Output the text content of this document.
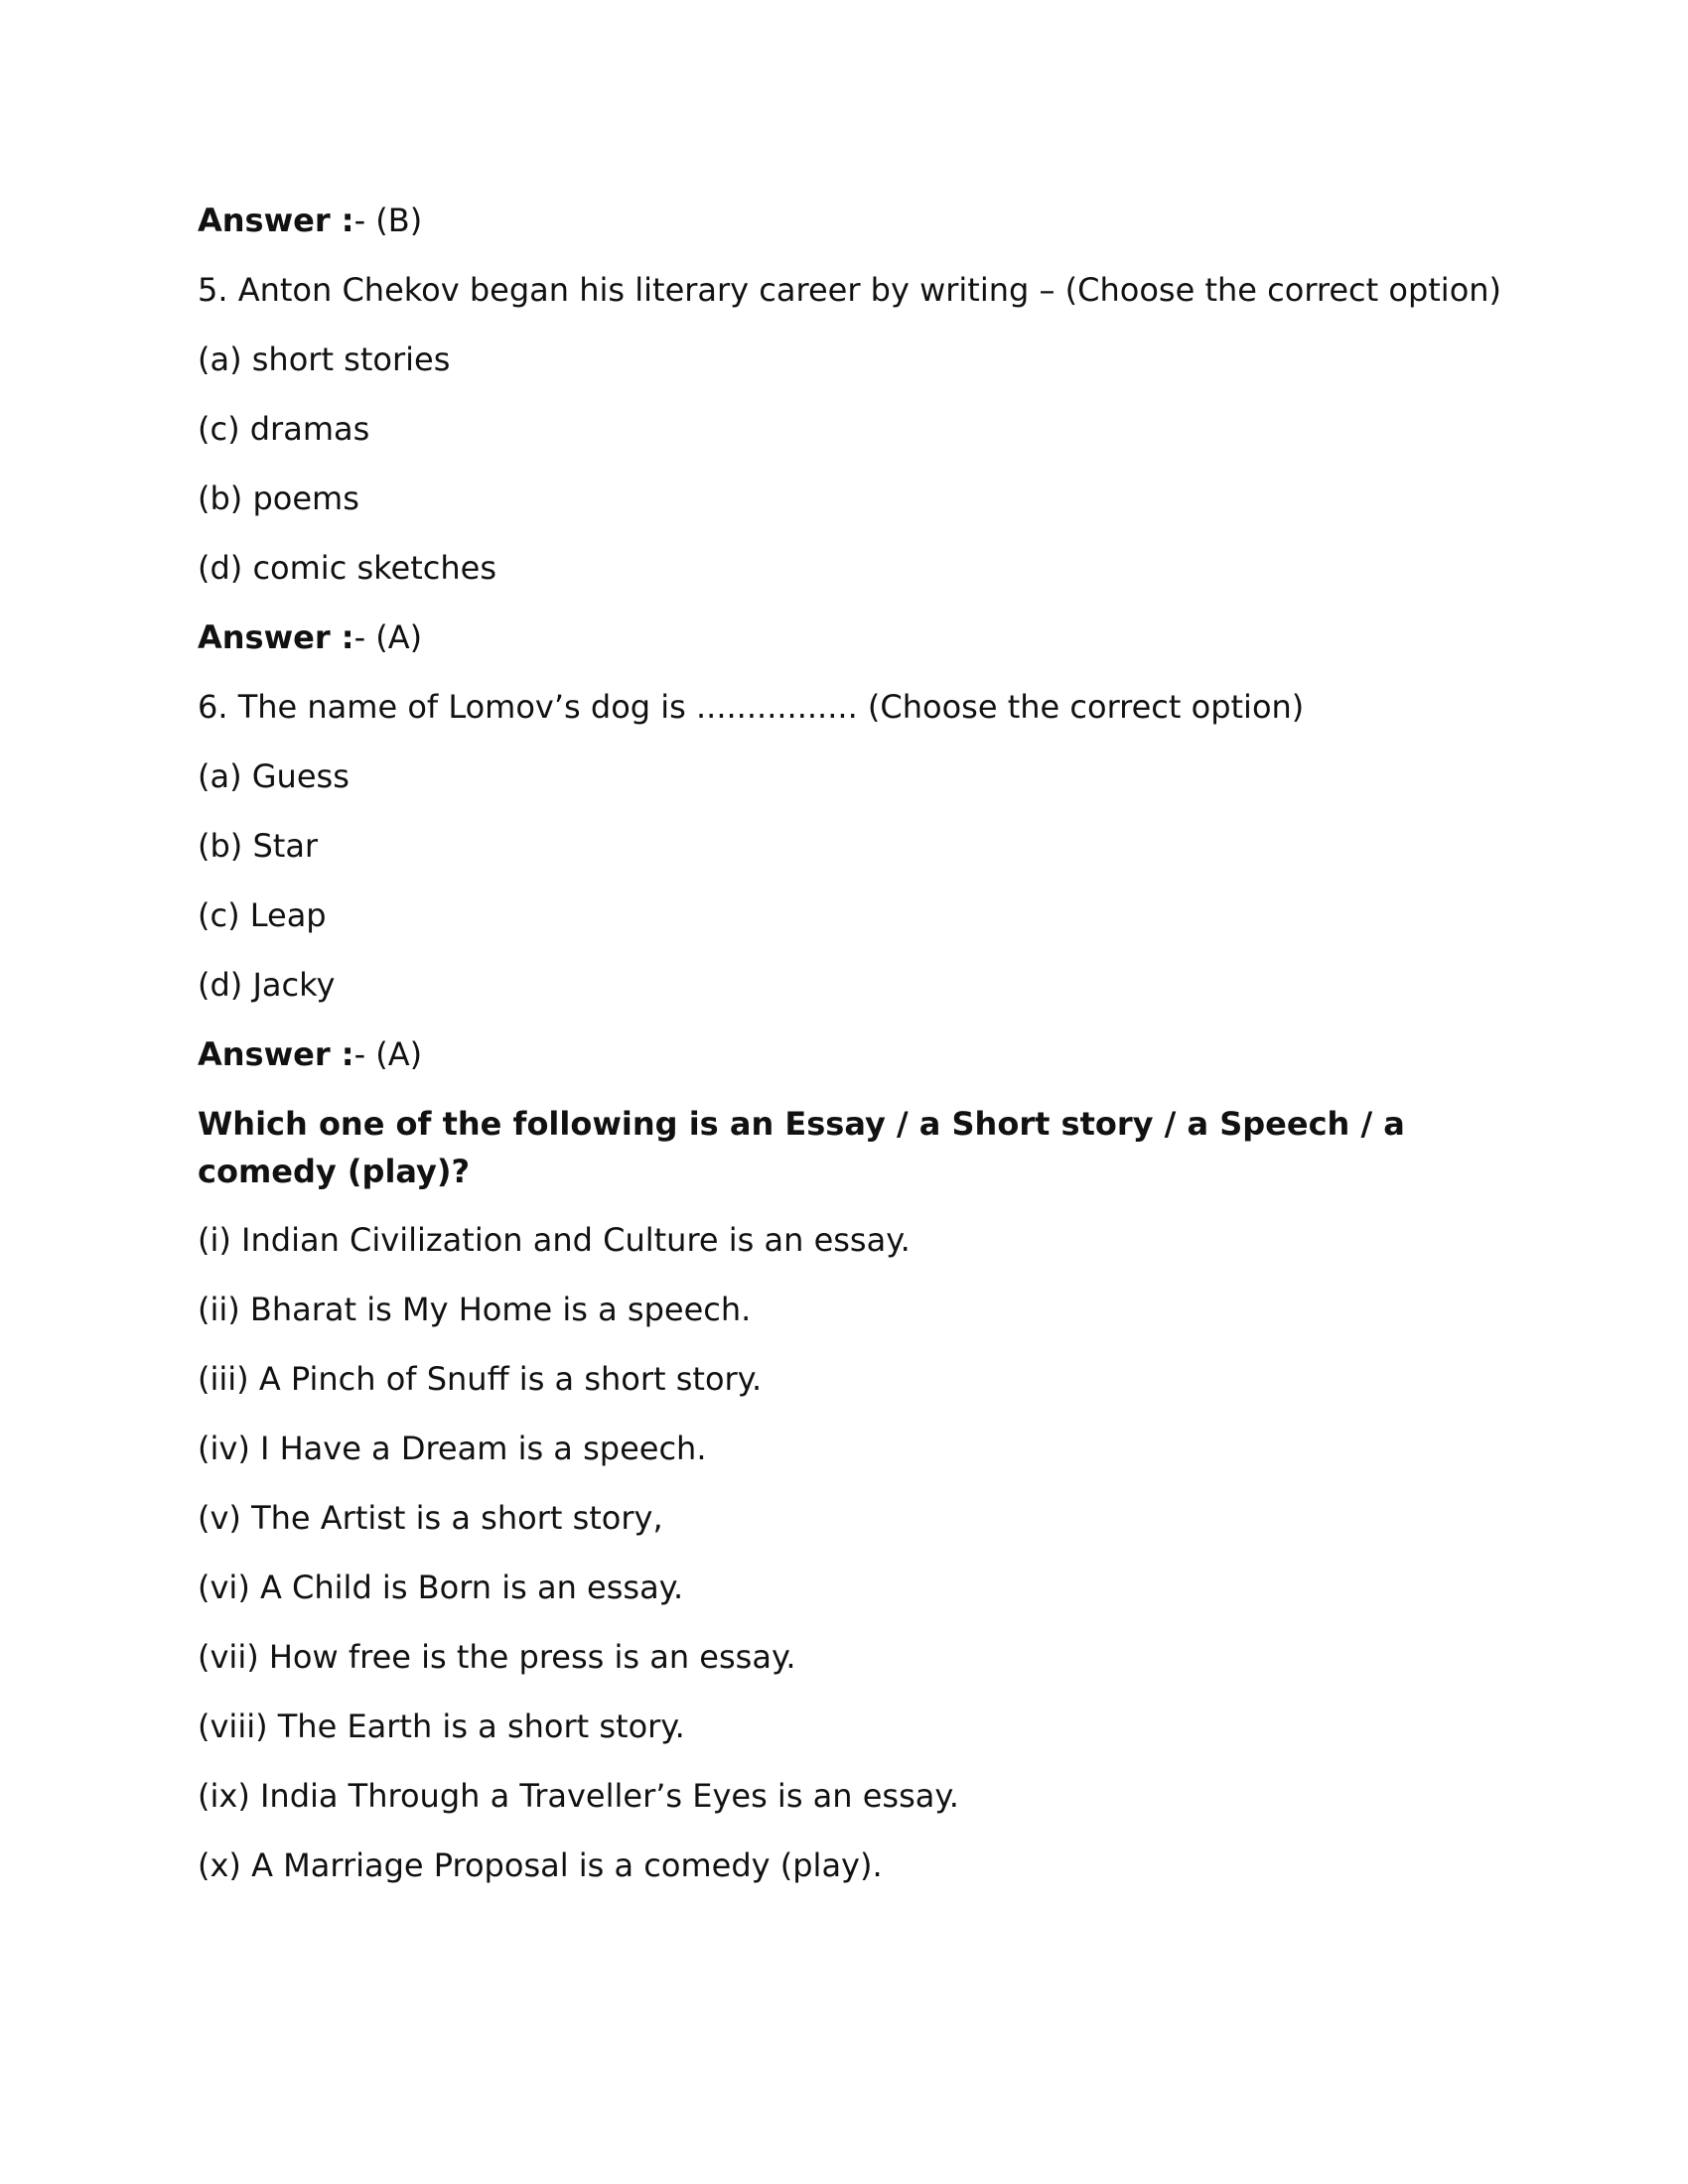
Answer :- (B)

5. Anton Chekov began his literary career by writing – (Choose the correct option)

(a) short stories

(c) dramas

(b) poems

(d) comic sketches

Answer :- (A)

6. The name of Lomov’s dog is ................ (Choose the correct option)

(a) Guess

(b) Star

(c) Leap

(d) Jacky

Answer :- (A)

Which one of the following is an Essay / a Short story / a Speech / a comedy (play)?

(i) Indian Civilization and Culture is an essay.

(ii) Bharat is My Home is a speech.

(iii) A Pinch of Snuff is a short story.

(iv) I Have a Dream is a speech.

(v) The Artist is a short story,

(vi) A Child is Born is an essay.

(vii) How free is the press is an essay.

(viii) The Earth is a short story.

(ix) India Through a Traveller’s Eyes is an essay.

(x) A Marriage Proposal is a comedy (play).
